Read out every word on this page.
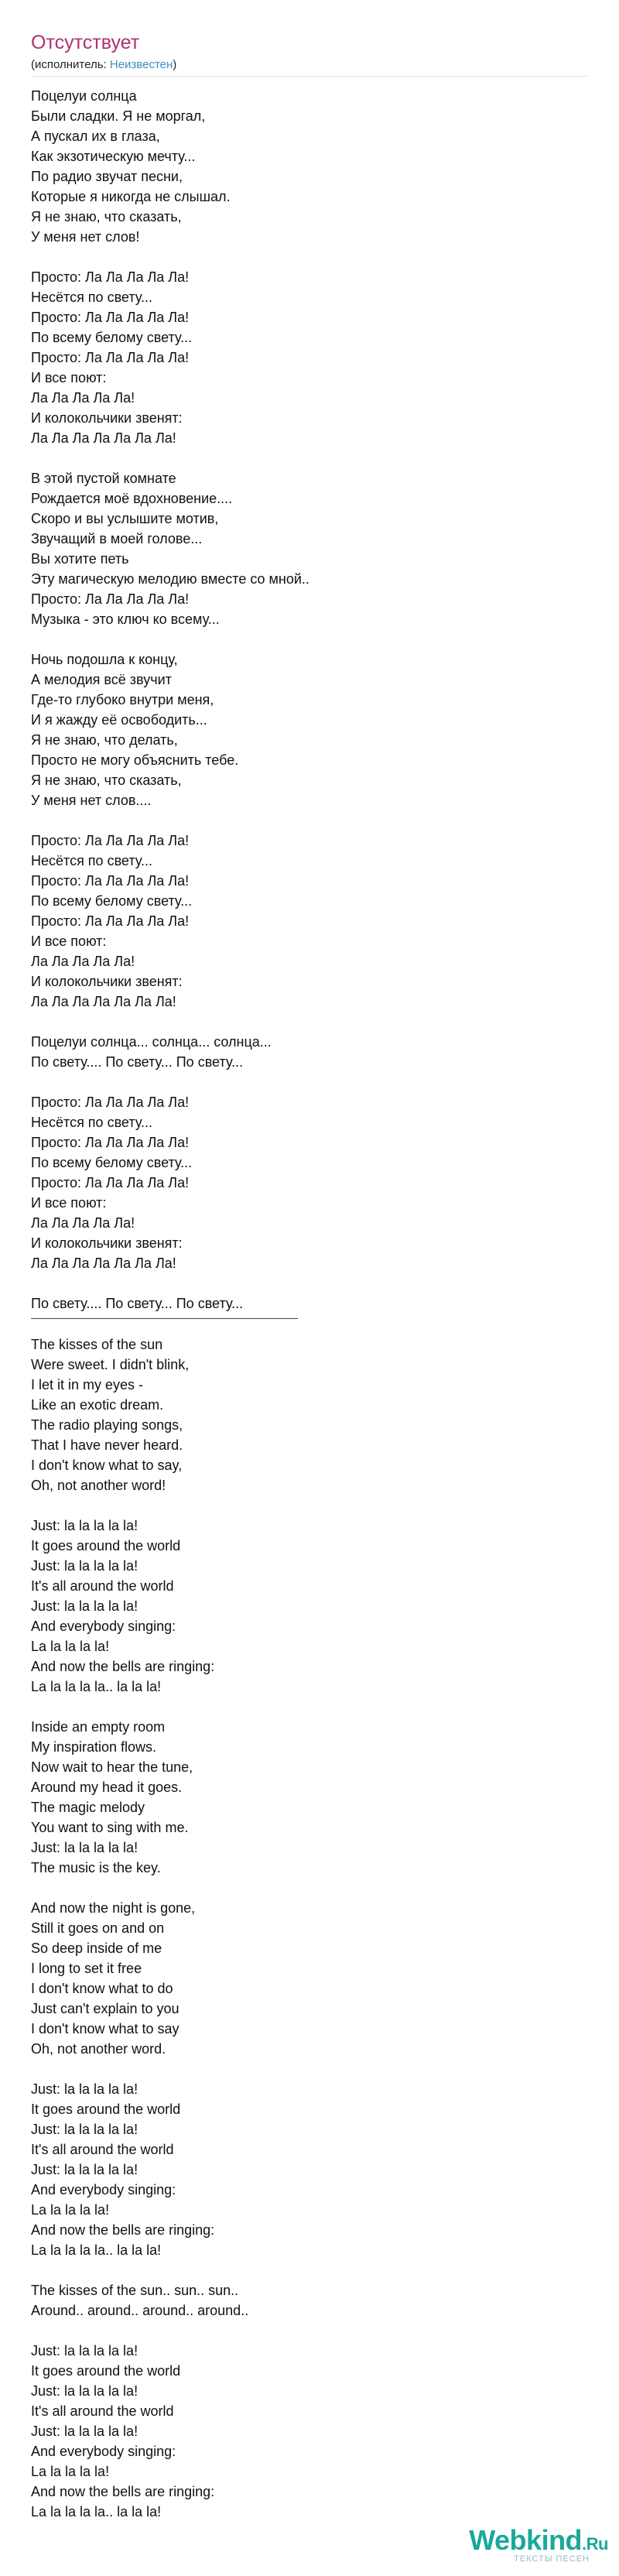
Отсутствует
(исполнитель: Неизвестен)
Поцелуи солнца
Были сладки. Я не моргал,
А пускал их в глаза,
Как экзотическую мечту...
По радио звучат песни,
Которые я никогда не слышал.
Я не знаю, что сказать,
У меня нет слов!
Просто: Ла Ла Ла Ла Ла!
Несётся по свету...
Просто: Ла Ла Ла Ла Ла!
По всему белому свету...
Просто: Ла Ла Ла Ла Ла!
И все поют:
Ла Ла Ла Ла Ла!
И колокольчики звенят:
Ла Ла Ла Ла Ла Ла Ла!
В этой пустой комнате
Рождается моё вдохновение....
Скоро и вы услышите мотив,
Звучащий в моей голове...
Вы хотите петь
Эту магическую мелодию вместе со мной..
Просто: Ла Ла Ла Ла Ла!
Музыка - это ключ ко всему...
Ночь подошла к концу,
А мелодия всё звучит
Где-то глубоко внутри меня,
И я жажду её освободить...
Я не знаю, что делать,
Просто не могу объяснить тебе.
Я не знаю, что сказать,
У меня нет слов....
Просто: Ла Ла Ла Ла Ла!
Несётся по свету...
Просто: Ла Ла Ла Ла Ла!
По всему белому свету...
Просто: Ла Ла Ла Ла Ла!
И все поют:
Ла Ла Ла Ла Ла!
И колокольчики звенят:
Ла Ла Ла Ла Ла Ла Ла!
Поцелуи солнца... солнца... солнца...
По свету.... По свету... По свету...
Просто: Ла Ла Ла Ла Ла!
Несётся по свету...
Просто: Ла Ла Ла Ла Ла!
По всему белому свету...
Просто: Ла Ла Ла Ла Ла!
И все поют:
Ла Ла Ла Ла Ла!
И колокольчики звенят:
Ла Ла Ла Ла Ла Ла Ла!
По свету.... По свету... По свету...
The kisses of the sun
Were sweet. I didn't blink,
I let it in my eyes -
Like an exotic dream.
The radio playing songs,
That I have never heard.
I don't know what to say,
Oh, not another word!
Just: la la la la la!
It goes around the world
Just: la la la la la!
It's all around the world
Just: la la la la la!
And everybody singing:
La la la la la!
And now the bells are ringing:
La la la la la.. la la la!
Inside an empty room
My inspiration flows.
Now wait to hear the tune,
Around my head it goes.
The magic melody
You want to sing with me.
Just: la la la la la!
The music is the key.
And now the night is gone,
Still it goes on and on
So deep inside of me
I long to set it free
I don't know what to do
Just can't explain to you
I don't know what to say
Oh, not another word.
Just: la la la la la!
It goes around the world
Just: la la la la la!
It's all around the world
Just: la la la la la!
And everybody singing:
La la la la la!
And now the bells are ringing:
La la la la la.. la la la!
The kisses of the sun.. sun.. sun..
Around.. around.. around.. around..
Just: la la la la la!
It goes around the world
Just: la la la la la!
It's all around the world
Just: la la la la la!
And everybody singing:
La la la la la!
And now the bells are ringing:
La la la la la.. la la la!
Webkind.Ru
ТЕКСТЫ ПЕСЕН
